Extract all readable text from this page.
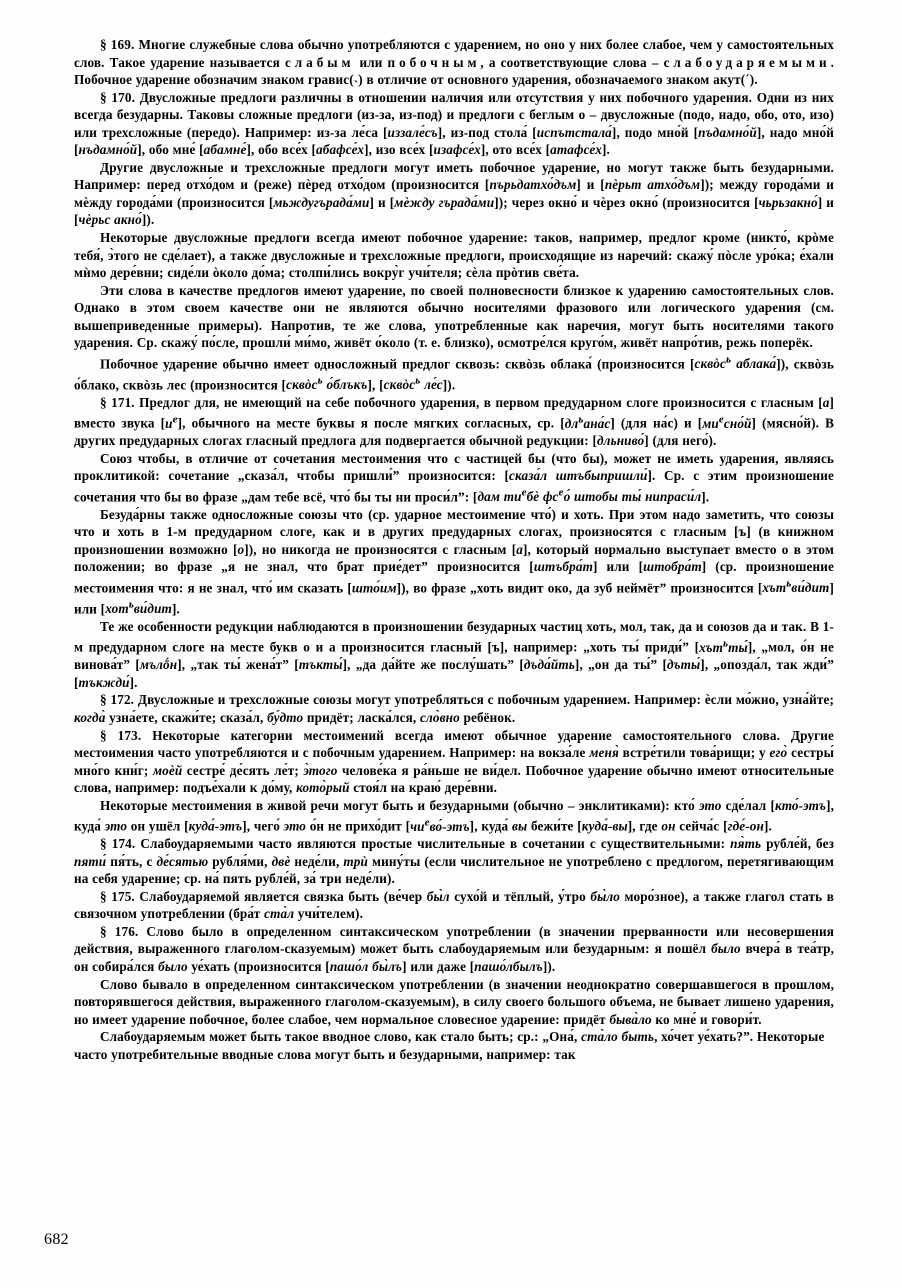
§ 169. Многие служебные слова обычно употребляются с ударением, но оно у них более слабое, чем у самостоятельных слов. Такое ударение называется слабым или побочным, а соответствующие слова – слабоударяемыми. Побочное ударение обозначим знаком гравис(˴) в отличие от основного ударения, обозначаемого знаком акут(´).

§ 170. Двусложные предлоги различны в отношении наличия или отсутствия у них побочного ударения. Одни из них всегда безударны. Таковы сложные предлоги (из-за, из-под) и предлоги с беглым о – двусложные (подо, надо, обо, ото, изо) или трехсложные (передо). Например: из-за ле́са [иззале́съ], из-под стола́ [испътстала́], подо мно́й [пъдамно́й], надо мно́й [нъдамно́й], обо мне́ [абамне́], обо все́х [абафсе́х], изо все́х [изафсе́х], ото все́х [атафсе́х].

Другие двусложные и трехсложные предлоги могут иметь побочное ударение, но могут также быть безударными. Например: перед отхо́дом и (реже) пѐред отхо́дом (произносится [пърьдатхо́дъм] и [пѐрьт атхо́дъм]); между города́ми и мѐжду города́ми (произносится [мьждугърада́ми] и [мѐжду гърада́ми]); через окно́ и чѐрез окно́ (произносится [чьрьзакно́] и [чѐрьс акно́]).

Некоторые двусложные предлоги всегда имеют побочное ударение: таков, например, предлог кроме (никто́, крòме тебя́, э̀того не сде́лает), а также двусложные и трехсложные предлоги, происходящие из наречий: скажу́ пòсле уро́ка; е́хали мѝмо дере́вни; сиде́ли òколо до́ма; столпи́лись вокру̀г учи́теля; сѐла прòтив све́та.

Эти слова в качестве предлогов имеют ударение, по своей полновесности близкое к ударению самостоятельных слов. Однако в этом своем качестве они не являются обычно носителями фразового или логического ударения (см. вышеприведенные примеры). Напротив, те же слова, употребленные как наречия, могут быть носителями такого ударения. Ср. скажу́ по́сле, прошли́ ми́мо, живёт о́коло (т. е. близко), осмотре́лся круго́м, живёт напро́тив, режь попepёк.

Побочное ударение обычно имеет односложный предлог сквозь: сквòзь облака́ (произносится [сквòс$^ь$ аблака́]), сквòзь о́блако, сквòзь лес (произносится [сквòс$^ь$ о́блъкъ], [сквòс$^ь$ ле́с]).

§ 171. Предлог для, не имеющий на себе побочного ударения, в первом предударном слоге произносится с гласным [а] вместо звука $[и^е]$, обычного на месте буквы я после мягких согласных, ср. $[дл^ьана́с]$ (для на́с) и $[ми^есно́й]$ (мясно́й). В других предударных слогах гласный предлога для подвергается обычной редукции: [дльниво́] (для него́).

Союз чтобы, в отличие от сочетания местоимения что с частицей бы (что бы), может не иметь ударения, являясь проклитикой: сочетание „сказа́л, чтобы пришли́” произносится: [сказа́л штъбыпришли́]. Ср. с этим произношение сочетания что бы во фразе „дам тебе всё, что́ бы ты ни проси́л”: [дам $ти^ебѐ$ $фс^ео́$ штобы ты́ нипраси́л].

Безуда́рны также односложные союзы что (ср. ударное местоимение что́) и хоть. При этом надо заметить, что союзы что и хоть в 1-м предударном слоге, как и в других предударных слогах, произносятся с гласным [ъ] (в книжном произношении возможно [о]), но никогда не произносятся с гласным [а], который нормально выступает вместо о в этом положении; во фразе „я не знал, что брат прие́дет” произносится [штъбра́т] или [штобра́т] (ср. произношение местоимения что: я не знал, что́ им сказать [што́им]), во фразе „хоть видит око, да зуб неймёт” произносится [хът$^ь$ви́дит] или [хот$^ь$ви́дит].

Те же особенности редукции наблюдаются в произношении безударных частиц хоть, мол, так, да и союзов да и так. В 1-м предударном слоге на месте букв о и а произносится гласный [ъ], например: „хоть ты́ приди́” [хът$^ь$ты́], „мол, о́н не винова́т” [мълṓн], „так ты́ жена́т” [тъкты́], „да да́йте же послу́шать” [дъда́йть], „он да ты́” [дъты́], „опозда́л, так жди́” [тъкжди́].

§ 172. Двусложные и трехсложные союзы могут употребляться с побочным ударением. Например: ѐсли мо́жно, узна́йте; когда̀ узна́ете, скажи́те; сказа́л, бу́дто придёт; ласка́лся, сло̀вно ребёнок.

§ 173. Некоторые категории местоимений всегда имеют обычное ударение самостоятельного слова. Другие местоимения часто употребляются и с побочным ударением. Например: на вокза́ле меня̀ встре́тили това́рищи; у его̀ сестры́ мно́го кни́г; моѐй сестре́ де́сять ле́т; э̀того челове́ка я ра́ньше не ви́дел. Побочное ударение обычно имеют относительные слова, например: подъе́хали к до́му, кото̀рый стоя́л на краю́ дере́вни.

Некоторые местоимения в живой речи могут быть и безударными (обычно – энклитиками): кто́ это сде́лал [кто́-этъ], куда́ это он ушёл [куда́-этъ], чего́ это о́н не прихо́дит $[чи^ево́-этъ]$, куда́ вы бежи́те [куда́-вы], где он сейча́с [где́-он].

§ 174. Слабоударяемыми часто являются простые числительные в сочетании с существительными: пя̀ть рубле́й, без пяти́ пя́ть, с де́сятью рубля́ми, двѐ неде́ли, трѝ мину́ты (если числительное не употреблено с предлогом, перетягивающим на себя ударение; ср. на́ пять рубле́й, за́ три неде́ли).

§ 175. Слабоударяемой является связка быть (ве́чер бы̀л сухо́й и тёплый, у́тро бы̀ло моро́зное), а также глагол стать в связочном употреблении (бра́т ста̀л учи́телем).

§ 176. Слово было в определенном синтаксическом употреблении (в значении прерванности или несовершения действия, выраженного глаголом-сказуемым) может быть слабоударяемым или безударным: я пошёл было вчера́ в теа́тр, он собира́лся было уе́хать (произносится [пашо́л бы̀лъ] или даже [пашо́лбылъ]).

Слово бывало в определенном синтаксическом употреблении (в значении неоднократно совершавшегося в прошлом, повторявшегося действия, выраженного глаголом-сказуемым), в силу своего большого объема, не бывает лишено ударения, но имеет ударение побочное, более слабое, чем нормальное словесное ударение: придёт быва̀ло ко мне́ и говори́т.

Слабоударяемым может быть такое вводное слово, как стало быть; ср.: „Она́, ста̀ло быть, хо́чет уе́хать?”. Некоторые часто употребительные вводные слова могут быть и безударными, например: так

682
